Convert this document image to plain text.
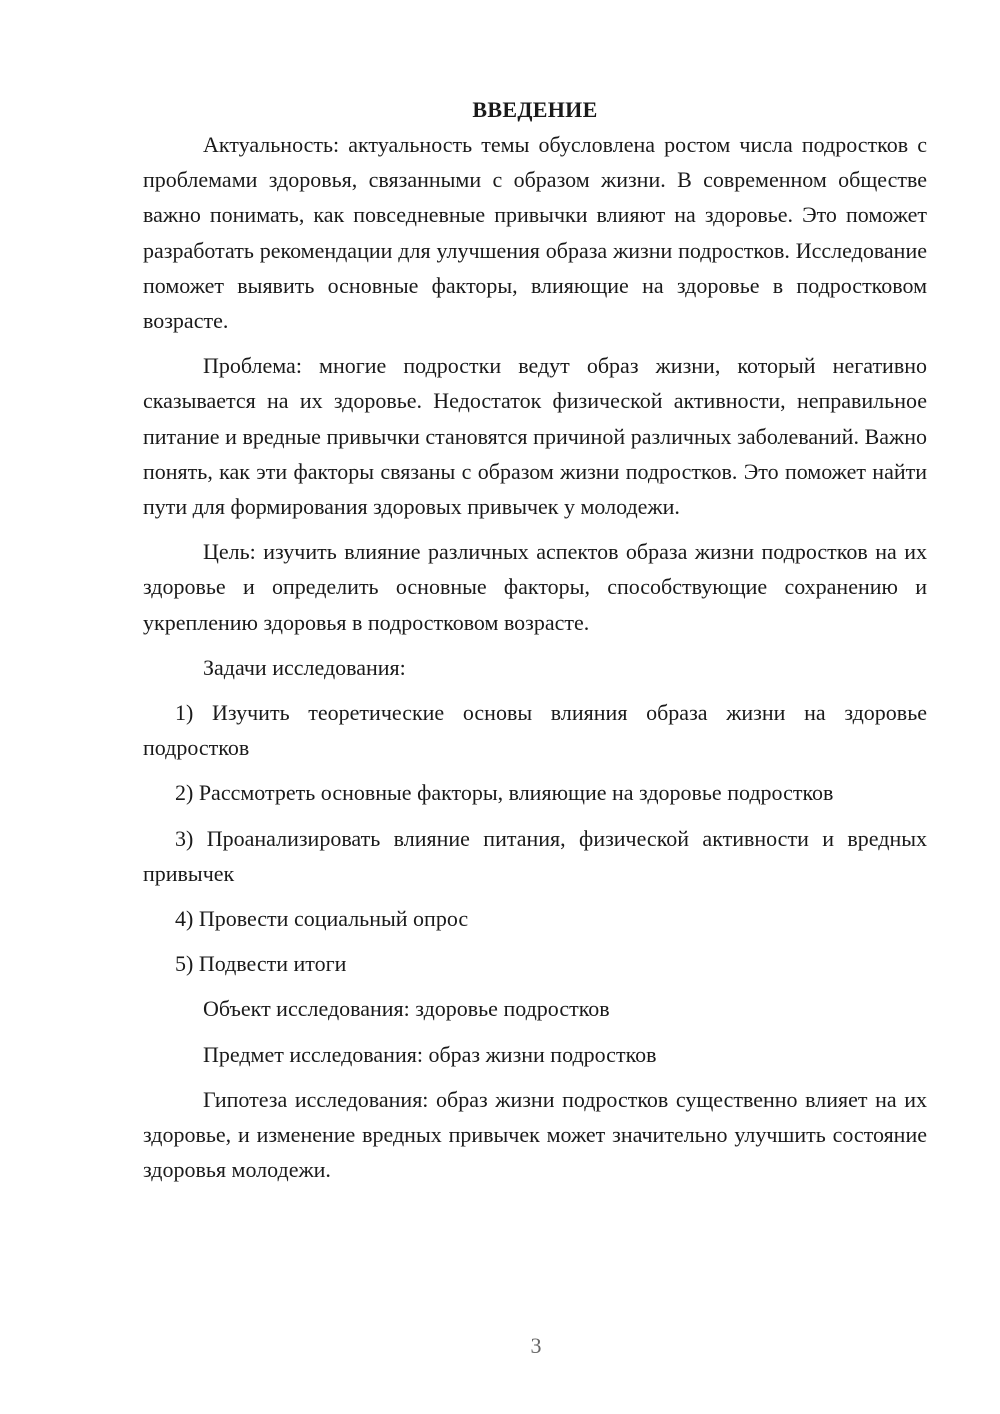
ВВЕДЕНИЕ

Актуальность: актуальность темы обусловлена ростом числа подростков с проблемами здоровья, связанными с образом жизни. В современном обществе важно понимать, как повседневные привычки влияют на здоровье. Это поможет разработать рекомендации для улучшения образа жизни подростков. Исследование поможет выявить основные факторы, влияющие на здоровье в подростковом возрасте.

Проблема: многие подростки ведут образ жизни, который негативно сказывается на их здоровье. Недостаток физической активности, неправильное питание и вредные привычки становятся причиной различных заболеваний. Важно понять, как эти факторы связаны с образом жизни подростков. Это поможет найти пути для формирования здоровых привычек у молодежи.

Цель: изучить влияние различных аспектов образа жизни подростков на их здоровье и определить основные факторы, способствующие сохранению и укреплению здоровья в подростковом возрасте.

Задачи исследования:

1) Изучить теоретические основы влияния образа жизни на здоровье подростков

2) Рассмотреть основные факторы, влияющие на здоровье подростков

3) Проанализировать влияние питания, физической активности и вредных привычек

4) Провести социальный опрос

5) Подвести итоги

Объект исследования: здоровье подростков

Предмет исследования: образ жизни подростков

Гипотеза исследования: образ жизни подростков существенно влияет на их здоровье, и изменение вредных привычек может значительно улучшить состояние здоровья молодежи.

3
